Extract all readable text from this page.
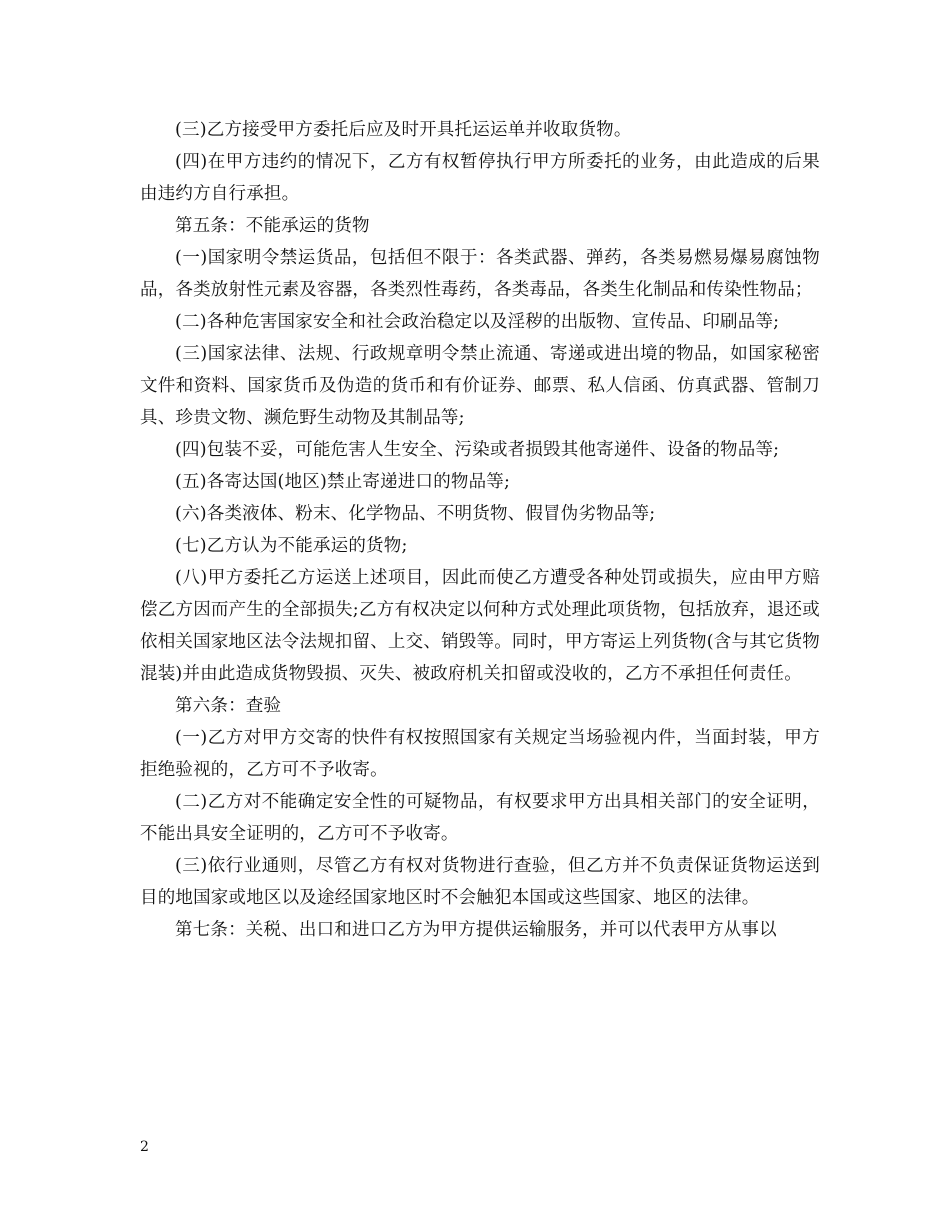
(三)乙方接受甲方委托后应及时开具托运运单并收取货物。

(四)在甲方违约的情况下，乙方有权暂停执行甲方所委托的业务，由此造成的后果由违约方自行承担。

第五条：不能承运的货物

(一)国家明令禁运货品，包括但不限于：各类武器、弹药，各类易燃易爆易腐蚀物品，各类放射性元素及容器，各类烈性毒药，各类毒品，各类生化制品和传染性物品；

(二)各种危害国家安全和社会政治稳定以及淫秽的出版物、宣传品、印刷品等;

(三)国家法律、法规、行政规章明令禁止流通、寄递或进出境的物品，如国家秘密文件和资料、国家货币及伪造的货币和有价证券、邮票、私人信函、仿真武器、管制刀具、珍贵文物、濒危野生动物及其制品等;

(四)包装不妥，可能危害人生安全、污染或者损毁其他寄递件、设备的物品等;

(五)各寄达国(地区)禁止寄递进口的物品等;

(六)各类液体、粉末、化学物品、不明货物、假冒伪劣物品等;

(七)乙方认为不能承运的货物;

(八)甲方委托乙方运送上述项目，因此而使乙方遭受各种处罚或损失，应由甲方赔偿乙方因而产生的全部损失;乙方有权决定以何种方式处理此项货物，包括放弃，退还或依相关国家地区法令法规扣留、上交、销毁等。同时，甲方寄运上列货物(含与其它货物混装)并由此造成货物毁损、灭失、被政府机关扣留或没收的，乙方不承担任何责任。

第六条：查验

(一)乙方对甲方交寄的快件有权按照国家有关规定当场验视内件，当面封装，甲方拒绝验视的，乙方可不予收寄。

(二)乙方对不能确定安全性的可疑物品，有权要求甲方出具相关部门的安全证明，不能出具安全证明的，乙方可不予收寄。

(三)依行业通则，尽管乙方有权对货物进行查验，但乙方并不负责保证货物运送到目的地国家或地区以及途经国家地区时不会触犯本国或这些国家、地区的法律。

第七条：关税、出口和进口乙方为甲方提供运输服务，并可以代表甲方从事以

2
